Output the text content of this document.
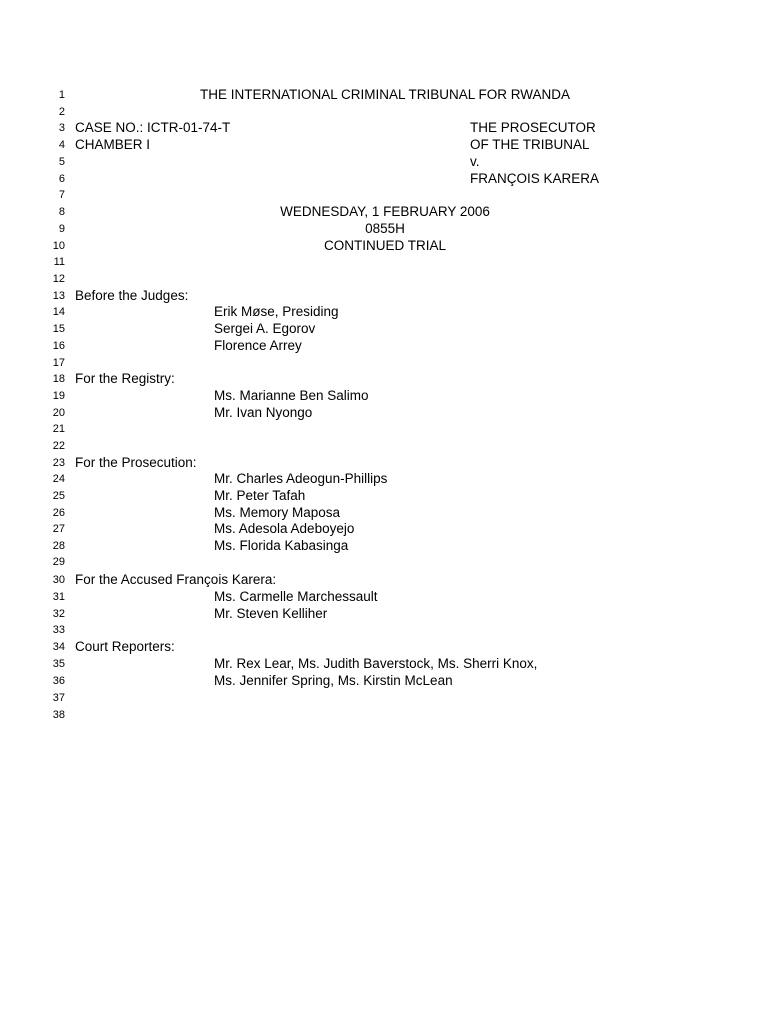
1	THE INTERNATIONAL CRIMINAL TRIBUNAL FOR RWANDA
2
3 CASE NO.: ICTR-01-74-T	THE PROSECUTOR
4 CHAMBER I	OF THE TRIBUNAL
5	v.
6	FRANÇOIS KARERA
7
8	WEDNESDAY, 1 FEBRUARY 2006
9	0855H
10	CONTINUED TRIAL
11
12
13 Before the Judges:
14	Erik Møse, Presiding
15	Sergei A. Egorov
16	Florence Arrey
17
18 For the Registry:
19	Ms. Marianne Ben Salimo
20	Mr. Ivan Nyongo
21
22
23 For the Prosecution:
24	Mr. Charles Adeogun-Phillips
25	Mr. Peter Tafah
26	Ms. Memory Maposa
27	Ms. Adesola Adeboyejo
28	Ms. Florida Kabasinga
29
30 For the Accused François Karera:
31	Ms. Carmelle Marchessault
32	Mr. Steven Kelliher
33
34 Court Reporters:
35	Mr. Rex Lear, Ms. Judith Baverstock, Ms. Sherri Knox,
36	Ms. Jennifer Spring, Ms. Kirstin McLean
37
38
